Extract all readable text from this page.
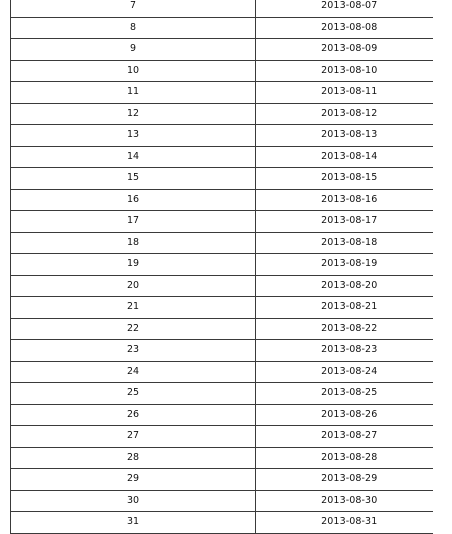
7	2013-08-07
8	2013-08-08
9	2013-08-09
10	2013-08-10
11	2013-08-11
12	2013-08-12
13	2013-08-13
14	2013-08-14
15	2013-08-15
16	2013-08-16
17	2013-08-17
18	2013-08-18
19	2013-08-19
20	2013-08-20
21	2013-08-21
22	2013-08-22
23	2013-08-23
24	2013-08-24
25	2013-08-25
26	2013-08-26
27	2013-08-27
28	2013-08-28
29	2013-08-29
30	2013-08-30
31	2013-08-31
